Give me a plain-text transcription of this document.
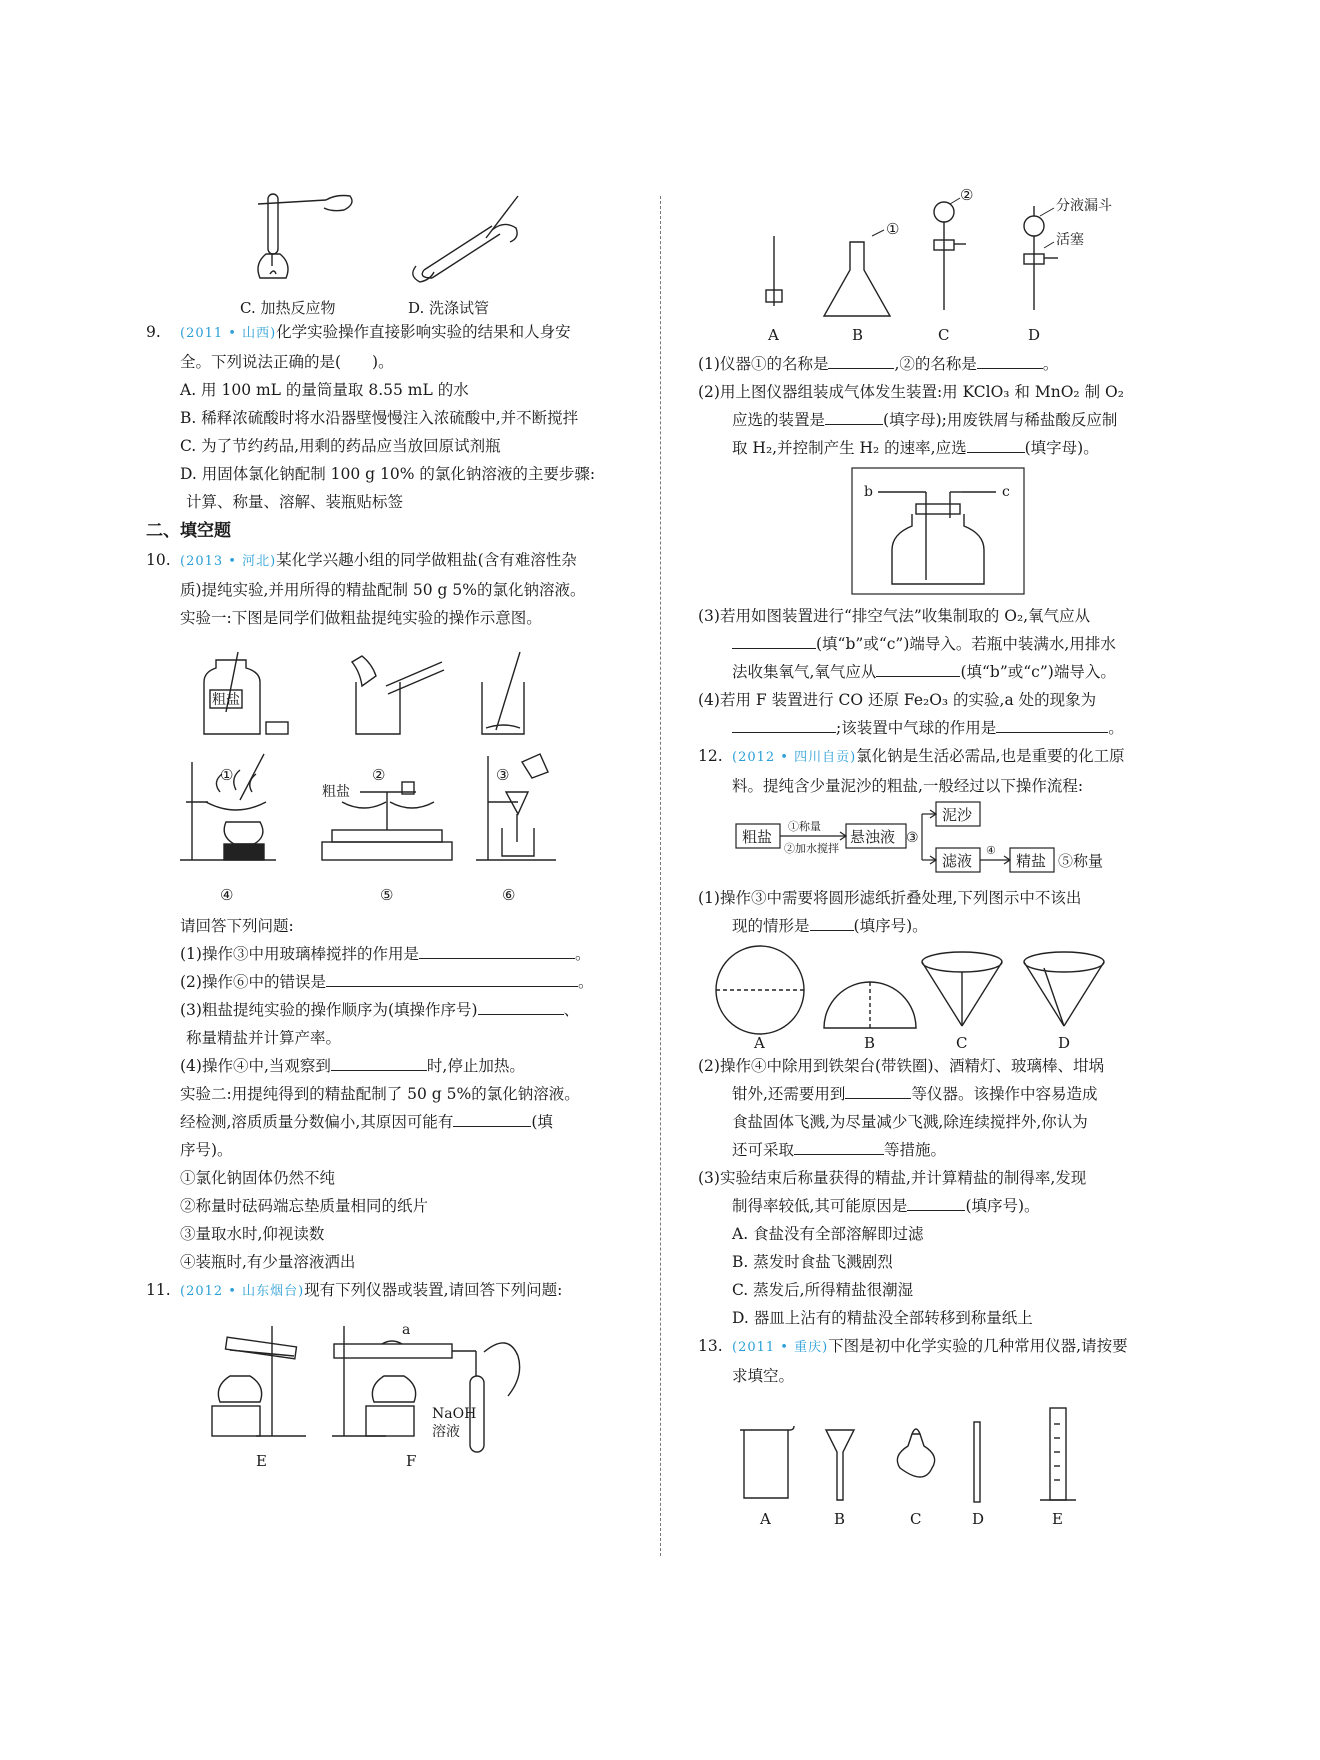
C. 加热反应物	D. 洗涤试管
9. (2011 • 山西)化学实验操作直接影响实验的结果和人身安
全。下列说法正确的是(　　)。
A. 用 100 mL 的量筒量取 8.55 mL 的水
B. 稀释浓硫酸时将水沿器壁慢慢注入浓硫酸中,并不断搅拌
C. 为了节约药品,用剩的药品应当放回原试剂瓶
D. 用固体氯化钠配制 100 g 10% 的氯化钠溶液的主要步骤:
计算、称量、溶解、装瓶贴标签
二、填空题
10. (2013 • 河北)某化学兴趣小组的同学做粗盐(含有难溶性杂
质)提纯实验,并用所得的精盐配制 50 g 5%的氯化钠溶液。
实验一:下图是同学们做粗盐提纯实验的操作示意图。
①	②	③
粗盐
粗盐
④	⑤	⑥
请回答下列问题:
(1)操作③中用玻璃棒搅拌的作用是	。
(2)操作⑥中的错误是	。
(3)粗盐提纯实验的操作顺序为(填操作序号)	、
称量精盐并计算产率。
(4)操作④中,当观察到	时,停止加热。
实验二:用提纯得到的精盐配制了 50 g 5%的氯化钠溶液。
经检测,溶质质量分数偏小,其原因可能有	(填
序号)。
①氯化钠固体仍然不纯
②称量时砝码端忘垫质量相同的纸片
③量取水时,仰视读数
④装瓶时,有少量溶液洒出
11. (2012 • 山东烟台)现有下列仪器或装置,请回答下列问题:
a
NaOH
溶液
E	F
①
②
分液漏斗
活塞
A	B	C	D
(1)仪器①的名称是	,②的名称是	。
(2)用上图仪器组装成气体发生装置:用 KClO₃ 和 MnO₂ 制 O₂
应选的装置是	(填字母);用废铁屑与稀盐酸反应制
取 H₂,并控制产生 H₂ 的速率,应选	(填字母)。
b	c
(3)若用如图装置进行“排空气法”收集制取的 O₂,氧气应从
(填“b”或“c”)端导入。若瓶中装满水,用排水
法收集氧气,氧气应从	(填“b”或“c”)端导入。
(4)若用 F 装置进行 CO 还原 Fe₂O₃ 的实验,a 处的现象为
;该装置中气球的作用是	。
12. (2012 • 四川自贡)氯化钠是生活必需品,也是重要的化工原
料。提纯含少量泥沙的粗盐,一般经过以下操作流程:
粗盐
①称量
②加水搅拌
悬浊液 ③
泥沙
滤液
④
精盐 ⑤称量
(1)操作③中需要将圆形滤纸折叠处理,下列图示中不该出
现的情形是	(填序号)。
A	B	C	D
(2)操作④中除用到铁架台(带铁圈)、酒精灯、玻璃棒、坩埚
钳外,还需要用到	等仪器。该操作中容易造成
食盐固体飞溅,为尽量减少飞溅,除连续搅拌外,你认为
还可采取	等措施。
(3)实验结束后称量获得的精盐,并计算精盐的制得率,发现
制得率较低,其可能原因是	(填序号)。
A. 食盐没有全部溶解即过滤
B. 蒸发时食盐飞溅剧烈
C. 蒸发后,所得精盐很潮湿
D. 器皿上沾有的精盐没全部转移到称量纸上
13. (2011 • 重庆)下图是初中化学实验的几种常用仪器,请按要
求填空。
A	B	C	D	E
